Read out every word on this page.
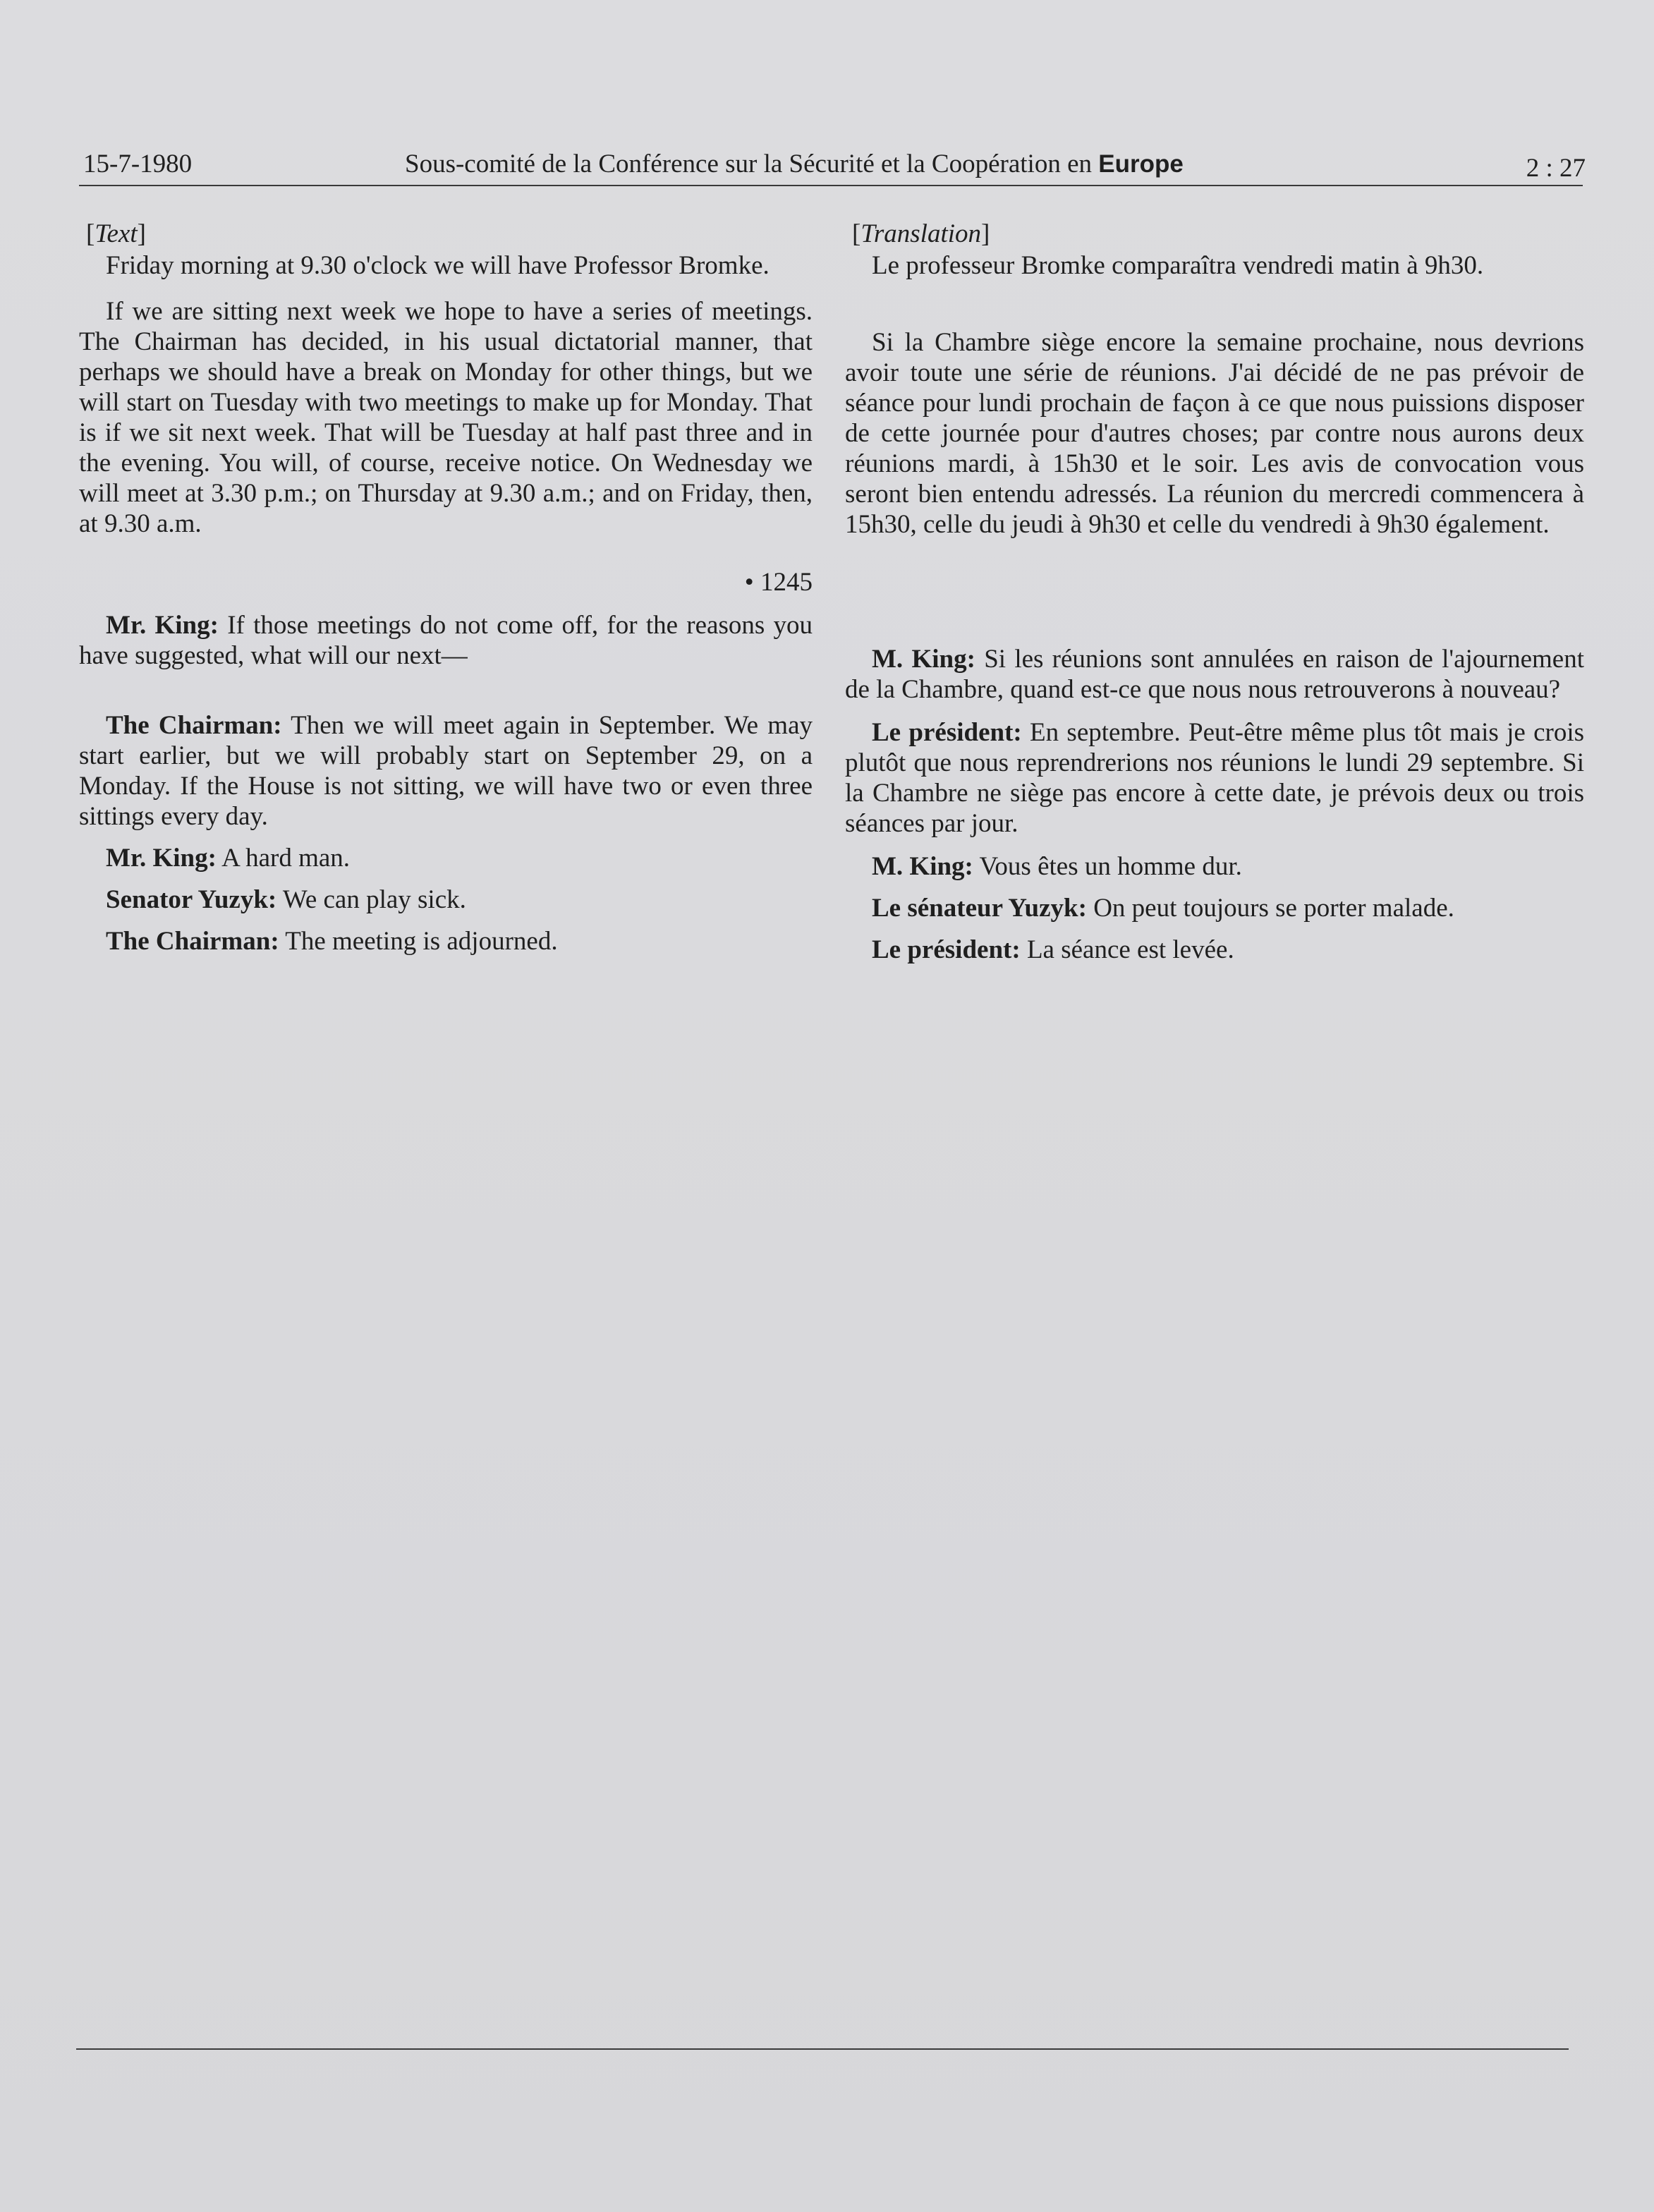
15-7-1980	Sous-comité de la Conférence sur la Sécurité et la Coopération en Europe	2 : 27

[Text]

Friday morning at 9.30 o'clock we will have Professor Bromke.

If we are sitting next week we hope to have a series of meetings. The Chairman has decided, in his usual dictatorial manner, that perhaps we should have a break on Monday for other things, but we will start on Tuesday with two meetings to make up for Monday. That is if we sit next week. That will be Tuesday at half past three and in the evening. You will, of course, receive notice. On Wednesday we will meet at 3.30 p.m.; on Thursday at 9.30 a.m.; and on Friday, then, at 9.30 a.m.

• 1245

Mr. King: If those meetings do not come off, for the reasons you have suggested, what will our next—

The Chairman: Then we will meet again in September. We may start earlier, but we will probably start on September 29, on a Monday. If the House is not sitting, we will have two or even three sittings every day.

Mr. King: A hard man.

Senator Yuzyk: We can play sick.

The Chairman: The meeting is adjourned.

[Translation]

Le professeur Bromke comparaîtra vendredi matin à 9h30.

Si la Chambre siège encore la semaine prochaine, nous devrions avoir toute une série de réunions. J'ai décidé de ne pas prévoir de séance pour lundi prochain de façon à ce que nous puissions disposer de cette journée pour d'autres choses; par contre nous aurons deux réunions mardi, à 15h30 et le soir. Les avis de convocation vous seront bien entendu adressés. La réunion du mercredi commencera à 15h30, celle du jeudi à 9h30 et celle du vendredi à 9h30 également.

M. King: Si les réunions sont annulées en raison de l'ajournement de la Chambre, quand est-ce que nous nous retrouverons à nouveau?

Le président: En septembre. Peut-être même plus tôt mais je crois plutôt que nous reprendrerions nos réunions le lundi 29 septembre. Si la Chambre ne siège pas encore à cette date, je prévois deux ou trois séances par jour.

M. King: Vous êtes un homme dur.

Le sénateur Yuzyk: On peut toujours se porter malade.

Le président: La séance est levée.
